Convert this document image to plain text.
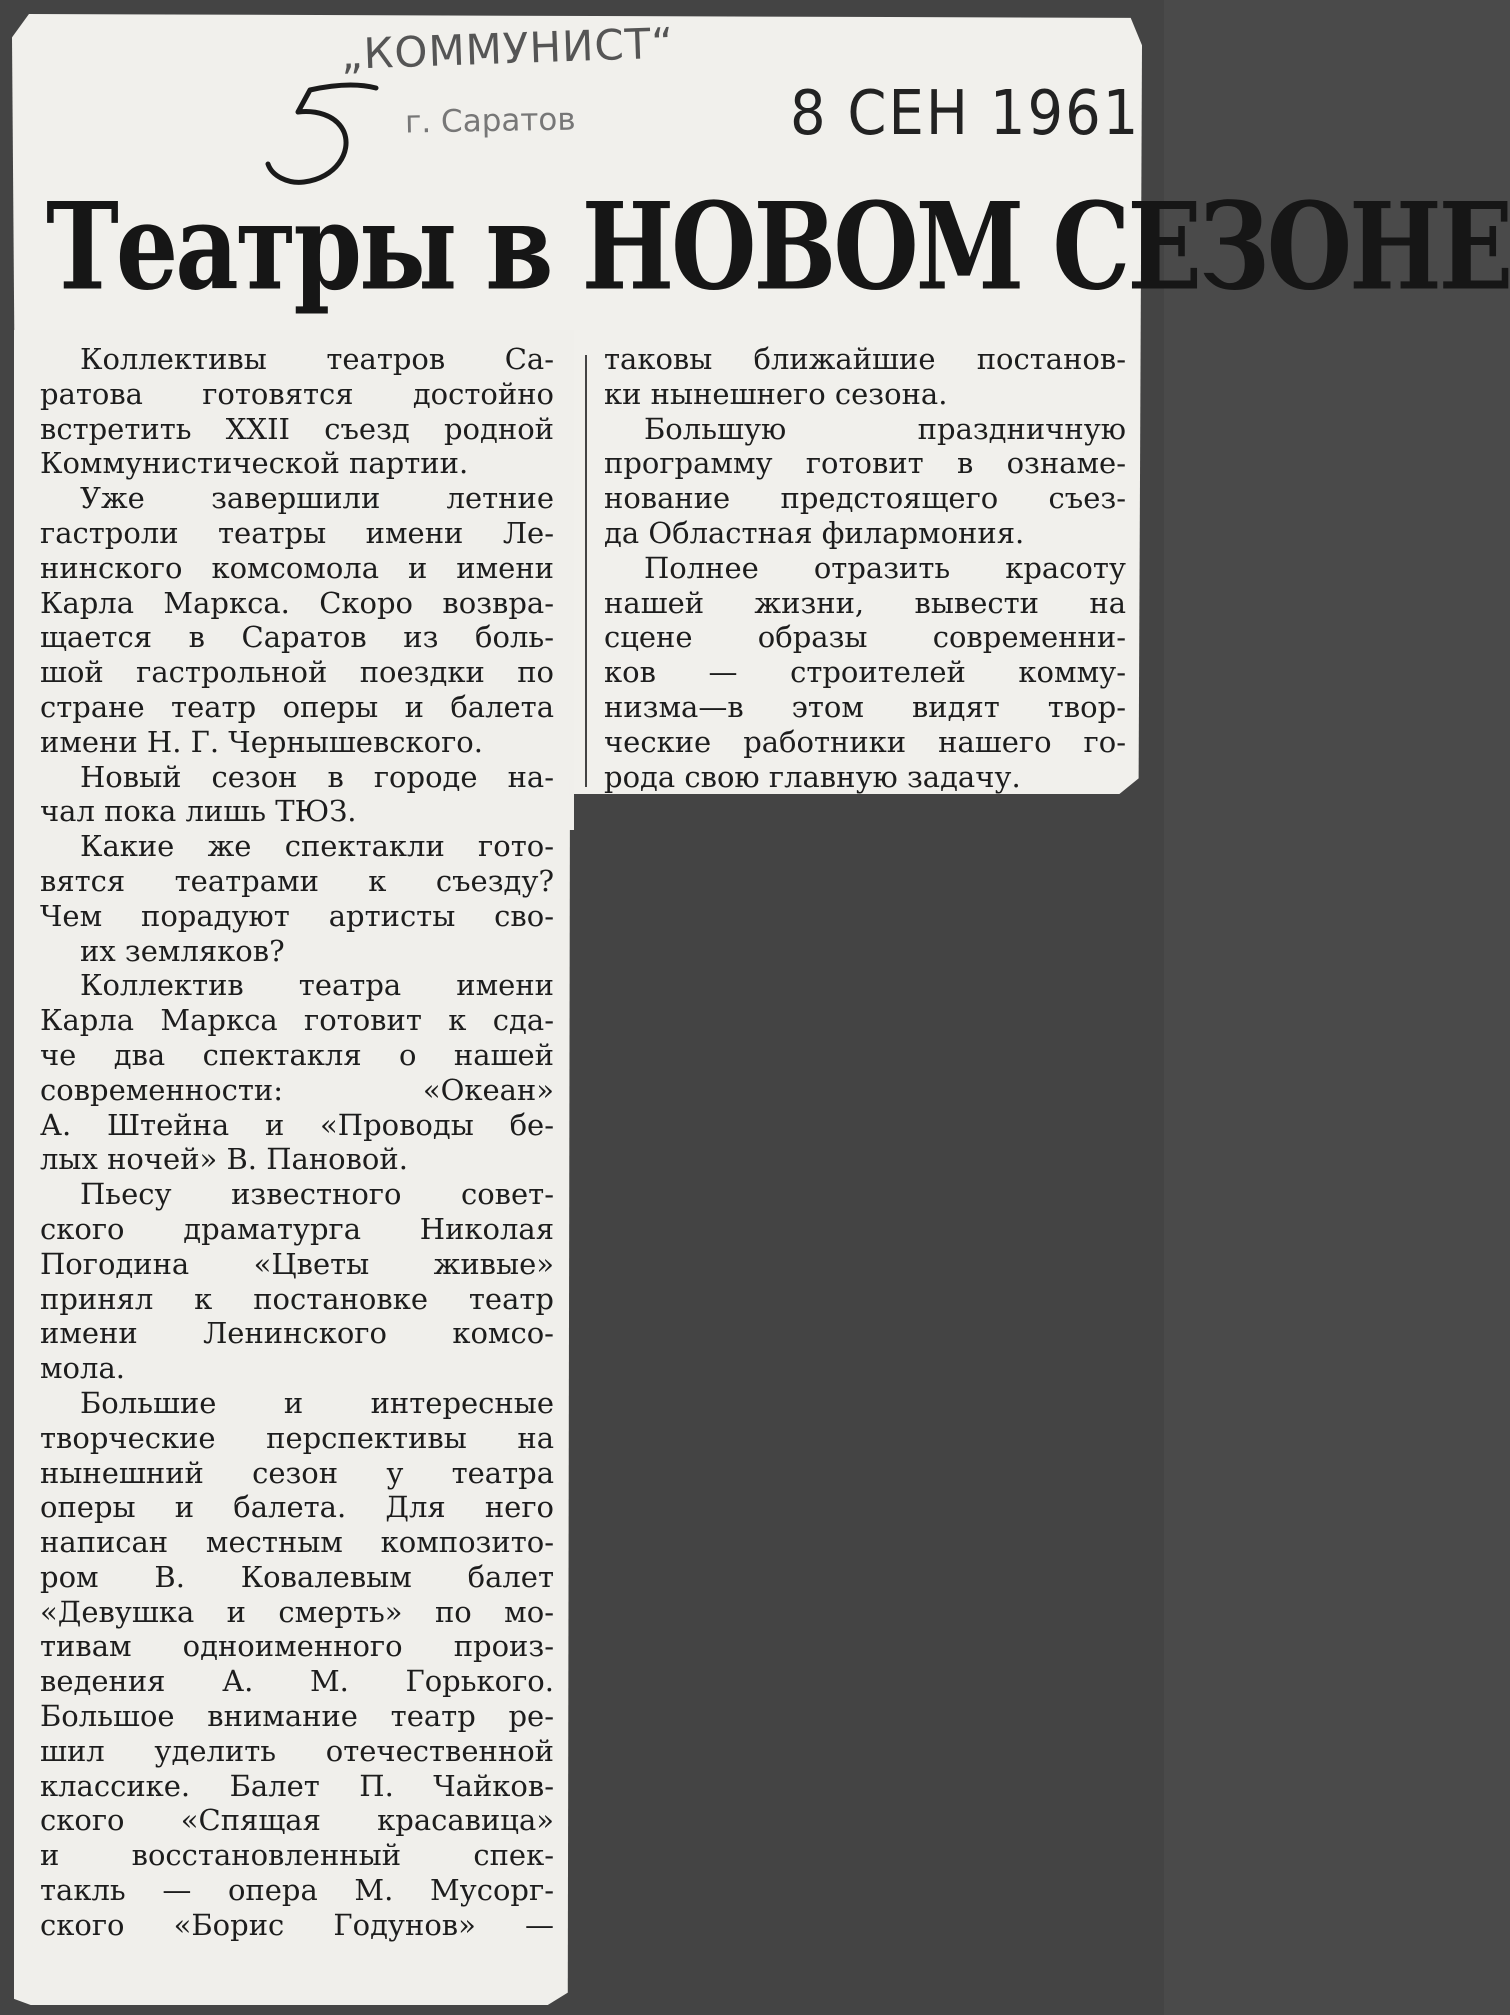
„КОММУНИСТ“
г. Саратов	8 СЕН 1961
Театры в НОВОМ СЕЗОНЕ
Коллективы театров Са-
ратова готовятся достойно
встретить XXII съезд родной
Коммунистической партии.
Уже завершили летние
гастроли театры имени Ле-
нинского комсомола и имени
Карла Маркса. Скоро возвра-
щается в Саратов из боль-
шой гастрольной поездки по
стране театр оперы и балета
имени Н. Г. Чернышевского.
Новый сезон в городе на-
чал пока лишь ТЮЗ.
Какие же спектакли гото-
вятся театрами к съезду?
Чем порадуют артисты сво-
их земляков?
Коллектив театра имени
Карла Маркса готовит к сда-
че два спектакля о нашей
современности: «Океан»
А. Штейна и «Проводы бе-
лых ночей» В. Пановой.
Пьесу известного совет-
ского драматурга Николая
Погодина «Цветы живые»
принял к постановке театр
имени Ленинского комсо-
мола.
Большие и интересные
творческие перспективы на
нынешний сезон у театра
оперы и балета. Для него
написан местным композито-
ром В. Ковалевым балет
«Девушка и смерть» по мо-
тивам одноименного произ-
ведения А. М. Горького.
Большое внимание театр ре-
шил уделить отечественной
классике. Балет П. Чайков-
ского «Спящая красавица»
и восстановленный спек-
такль — опера М. Мусорг-
ского «Борис Годунов» —
таковы ближайшие постанов-
ки нынешнего сезона.
Большую праздничную
программу готовит в ознаме-
нование предстоящего съез-
да Областная филармония.
Полнее отразить красоту
нашей жизни, вывести на
сцене образы современни-
ков — строителей комму-
низма—в этом видят твор-
ческие работники нашего го-
рода свою главную задачу.
